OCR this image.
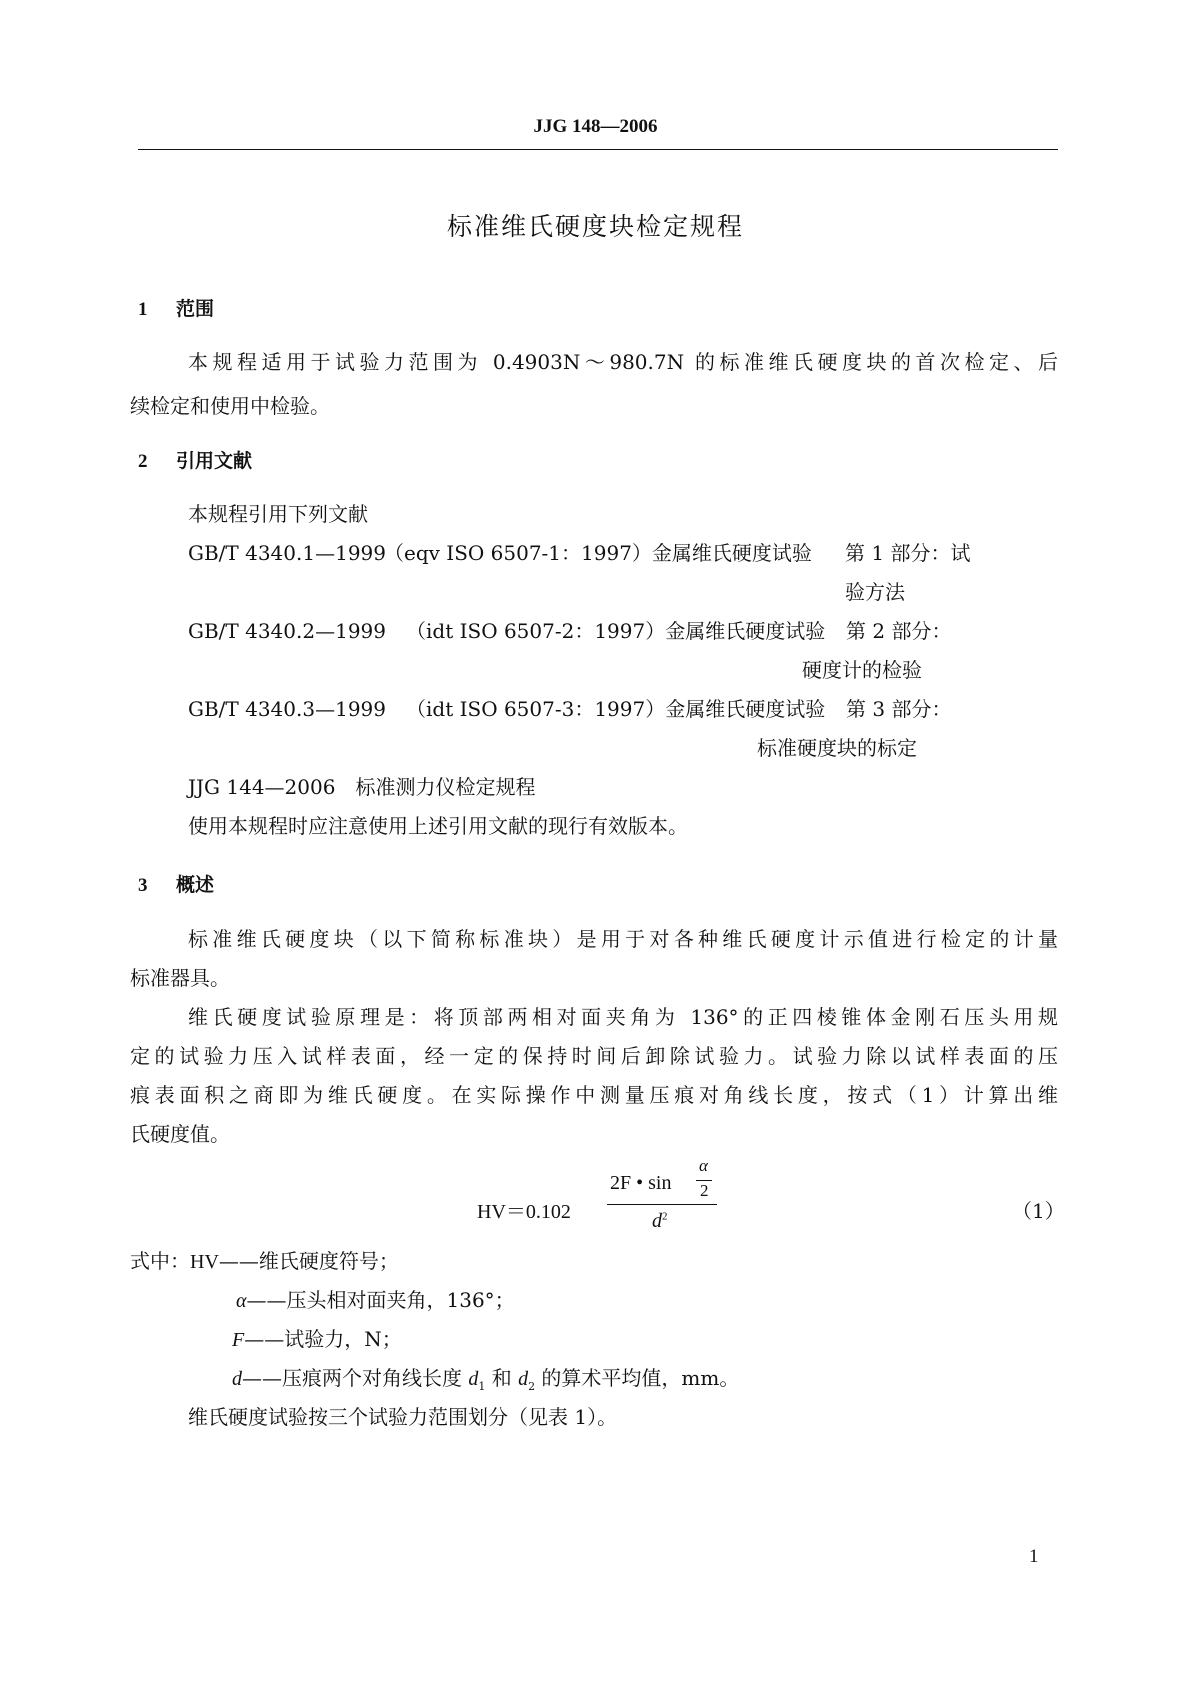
JJG 148—2006
标准维氏硬度块检定规程
1 范围
本规程适用于试验力范围为 0.4903N～980.7N 的标准维氏硬度块的首次检定、后
续检定和使用中检验。
2 引用文献
本规程引用下列文献
GB/T 4340.1—1999
（eqv ISO 6507-1：1997）金属维氏硬度试验 第 1 部分：试
验方法
GB/T 4340.2—1999 （idt ISO 6507-2：1997）金属维氏硬度试验 第 2 部分：
硬度计的检验
GB/T 4340.3—1999 （idt ISO 6507-3：1997）金属维氏硬度试验 第 3 部分：
标准硬度块的标定
JJG 144—2006　标准测力仪检定规程
使用本规程时应注意使用上述引用文献的现行有效版本。
3 概述
标准维氏硬度块（以下简称标准块）是用于对各种维氏硬度计示值进行检定的计量
标准器具。
维氏硬度试验原理是：将顶部两相对面夹角为 136°的正四棱锥体金刚石压头用规
定的试验力压入试样表面，经一定的保持时间后卸除试验力。试验力除以试样表面的压
痕表面积之商即为维氏硬度。在实际操作中测量压痕对角线长度，按式（1）计算出维
氏硬度值。
HV＝0.102
2F • sin
α
2
$d^2$	（1）
式中：HV——维氏硬度符号；
α——压头相对面夹角，136°；
F——试验力，N；
d——压痕两个对角线长度 $d_1$ 和 $d_2$ 的算术平均值，mm。
维氏硬度试验按三个试验力范围划分（见表 1）。
1
